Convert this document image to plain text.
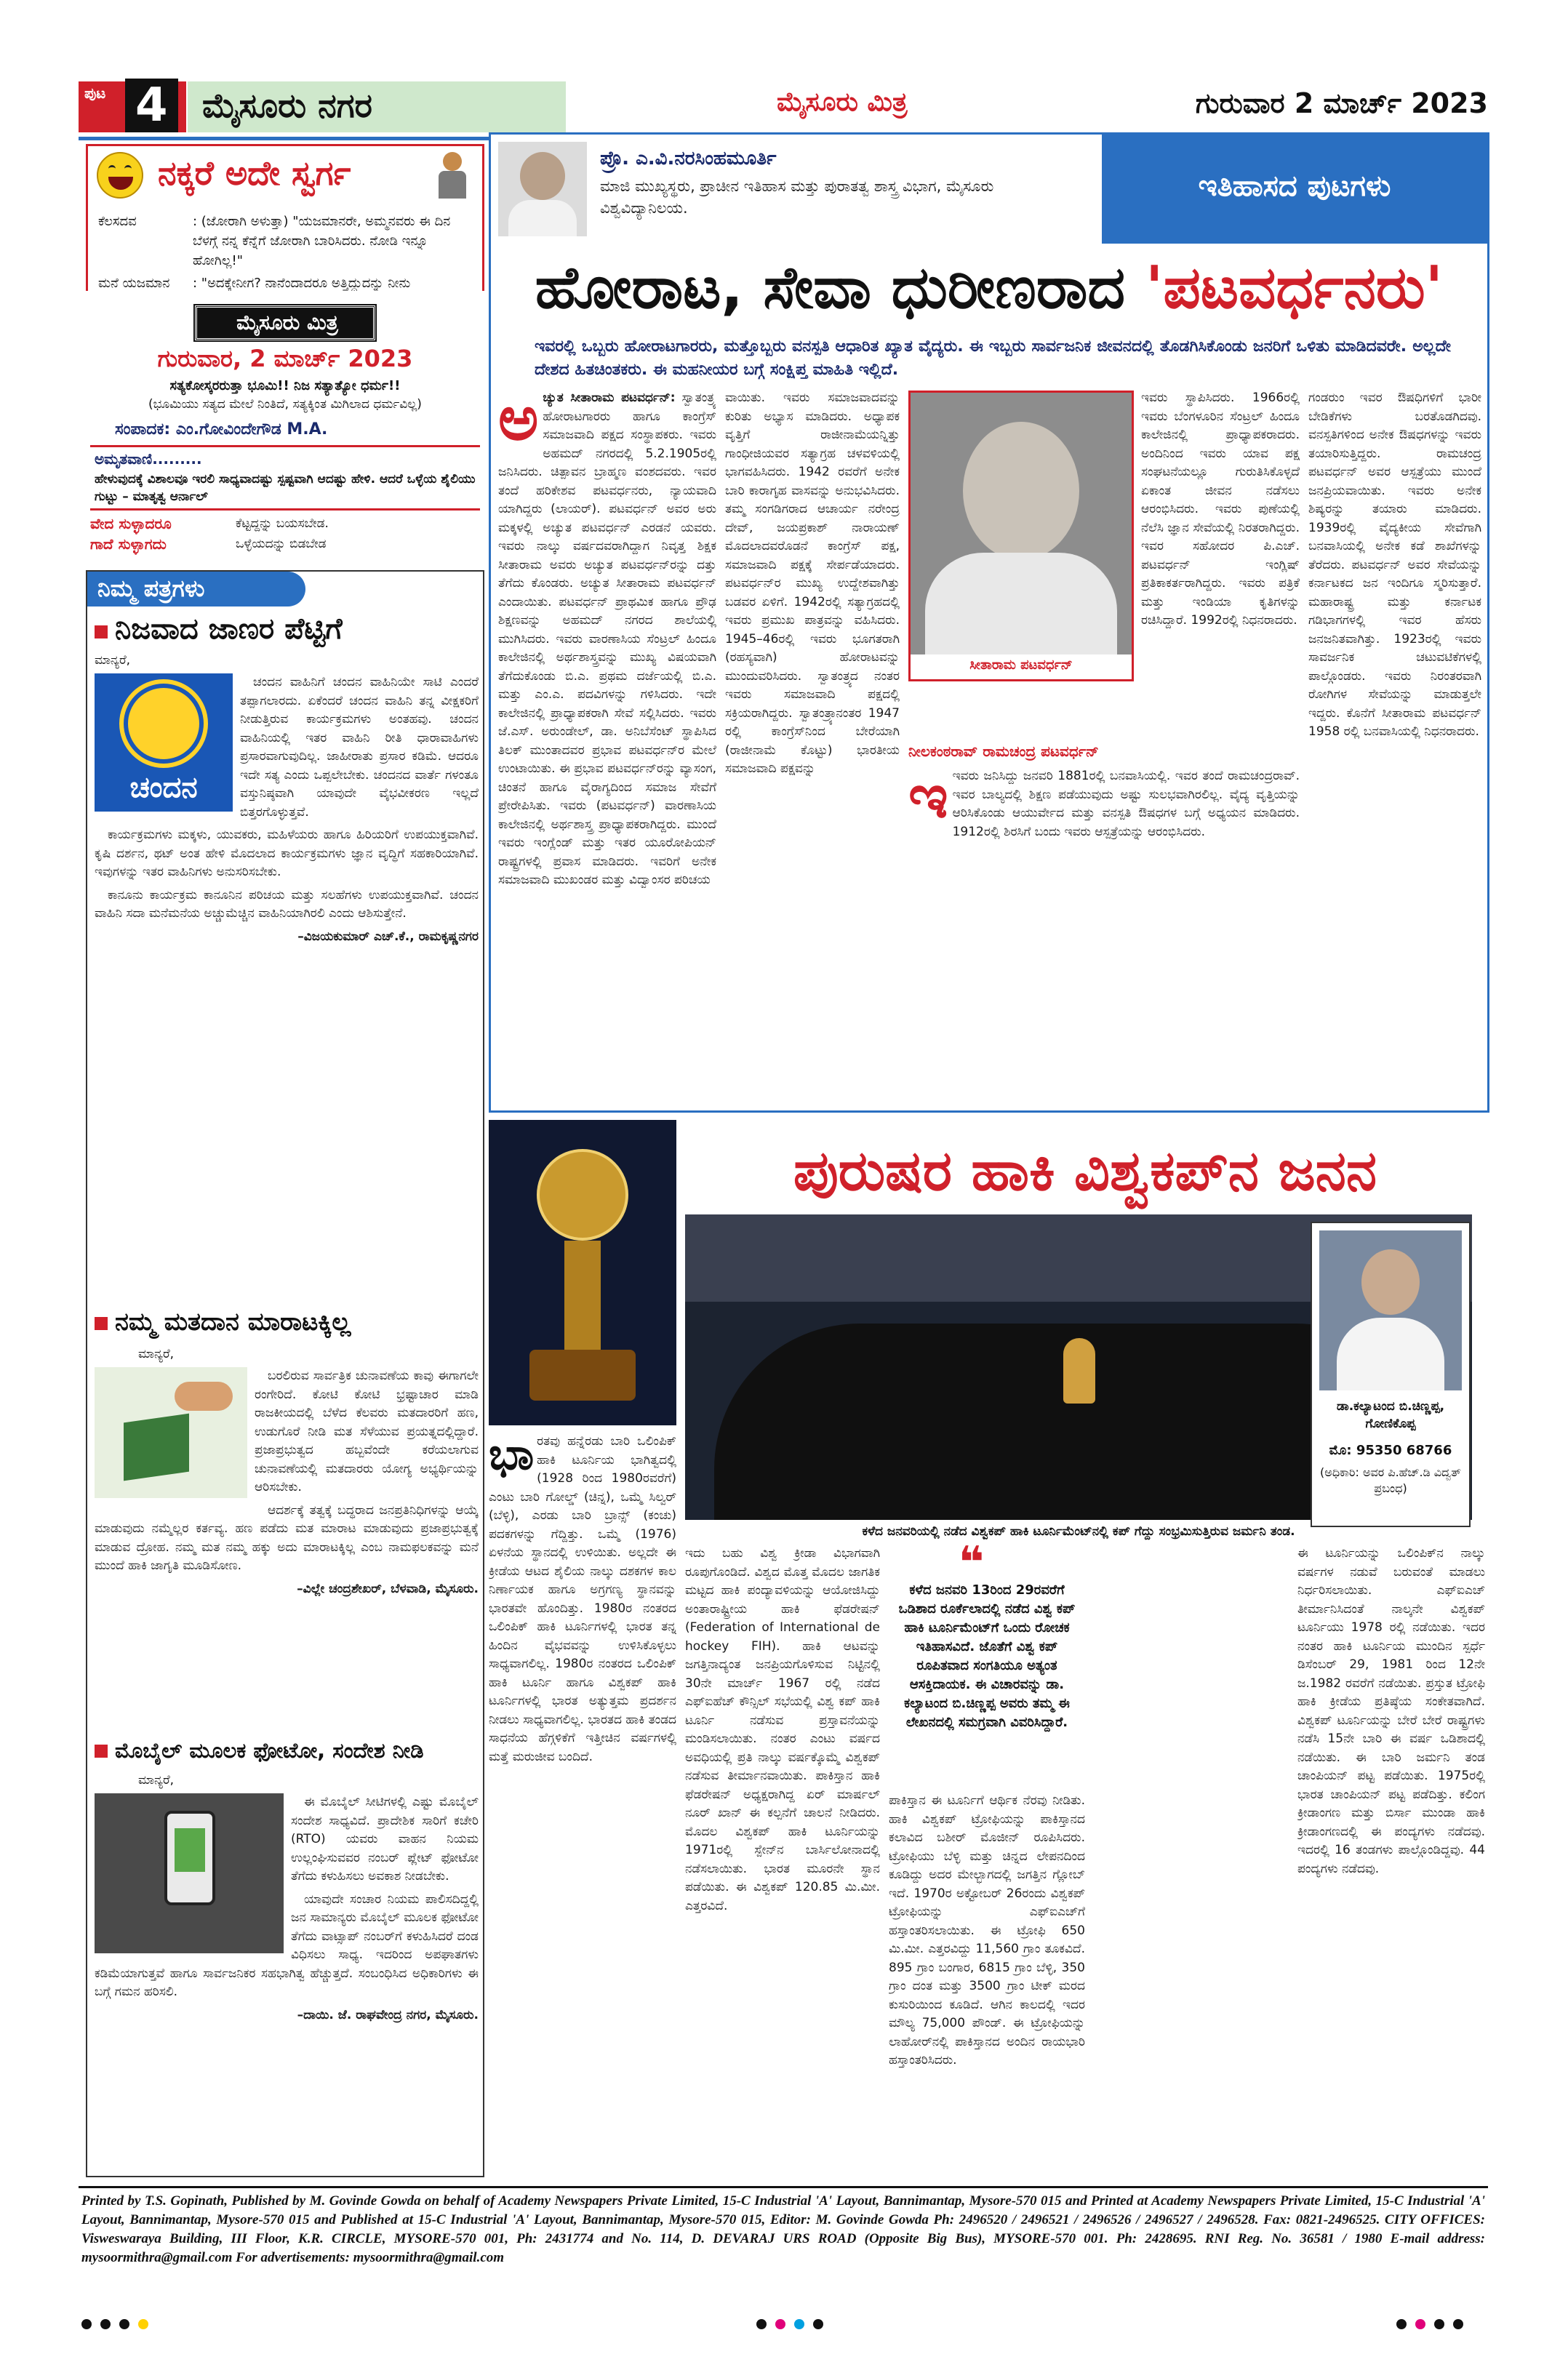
ಪುಟ 4	ಮೈಸೂರು ನಗರ	ಮೈಸೂರು ಮಿತ್ರ	ಗುರುವಾರ 2 ಮಾರ್ಚ್ 2023
ನಕ್ಕರೆ ಅದೇ ಸ್ವರ್ಗ
ಕೆಲಸದವ	: (ಜೋರಾಗಿ ಅಳುತ್ತಾ) "ಯಜಮಾನರೇ, ಅಮ್ಮನವರು ಈ ದಿನ ಬೆಳಗ್ಗೆ ನನ್ನ ಕೆನ್ನೆಗೆ ಜೋರಾಗಿ ಬಾರಿಸಿದರು. ನೋಡಿ ಇನ್ನೂ ಹೋಗಿಲ್ಲ!"
ಮನೆ ಯಜಮಾನ	: "ಅದಕ್ಕೇನೀಗ? ನಾನೆಂದಾದರೂ ಅತ್ತಿದ್ದುದನ್ನು ನೀನು
ಮೈಸೂರು ಮಿತ್ರ
ಗುರುವಾರ, 2 ಮಾರ್ಚ್ 2023
ಸತ್ಯಕೋಸ್ಕರರುತ್ತಾ ಭೂಮಿ!! ನಿಜ ಸತ್ಯಾತ್ಯೋ ಧರ್ಮ!!
(ಭೂಮಿಯು ಸತ್ಯದ ಮೇಲೆ ನಿಂತಿದೆ, ಸತ್ಯಕ್ಕಿಂತ ಮಿಗಿಲಾದ ಧರ್ಮವಿಲ್ಲ)
ಸಂಪಾದಕ: ಎಂ.ಗೋವಿಂದೇಗೌಡ M.A.
ಅಮೃತವಾಣಿ.........
ಹೇಳುವುದಕ್ಕೆ ವಿಶಾಲವೂ ಇರಲಿ ಸಾಧ್ಯವಾದಷ್ಟು ಸ್ಪಷ್ಟವಾಗಿ ಆದಷ್ಟು ಹೇಳಿ. ಆದರೆ ಒಳ್ಳೆಯ ಶೈಲಿಯು ಗುಟ್ಟು – ಮಾತೃತ್ವ ಆರ್ನಾಲ್
ವೇದ ಸುಳ್ಳಾದರೂ	ಕೆಟ್ಟದ್ದನ್ನು ಬಯಸಬೇಡ.
ಗಾದೆ ಸುಳ್ಳಾಗದು	ಒಳ್ಳೆಯದನ್ನು ಬಿಡಬೇಡ
ನಿಮ್ಮ ಪತ್ರಗಳು
ನಿಜವಾದ ಜಾಣರ ಪೆಟ್ಟಿಗೆ
ಮಾನ್ಯರೆ,
ಚಂದನ

ಚಂದನ ವಾಹಿನಿಗೆ ಚಂದನ ವಾಹಿನಿಯೇ ಸಾಟಿ ಎಂದರೆ ತಪ್ಪಾಗಲಾರದು. ಏಕೆಂದರೆ ಚಂದನ ವಾಹಿನಿ ತನ್ನ ವೀಕ್ಷಕರಿಗೆ ನೀಡುತ್ತಿರುವ ಕಾರ್ಯಕ್ರಮಗಳು ಅಂತಹವು. ಚಂದನ ವಾಹಿನಿಯಲ್ಲಿ ಇತರ ವಾಹಿನಿ ರೀತಿ ಧಾರಾವಾಹಿಗಳು ಪ್ರಸಾರವಾಗುವುದಿಲ್ಲ. ಜಾಹೀರಾತು ಪ್ರಸಾರ ಕಡಿಮೆ. ಆದರೂ ಇದೇ ಸತ್ಯ ಎಂದು ಒಪ್ಪಲೇಬೇಕು. ಚಂದನದ ವಾರ್ತೆ ಗಳಂತೂ ವಸ್ತುನಿಷ್ಠವಾಗಿ ಯಾವುದೇ ವೈಭವೀಕರಣ ಇಲ್ಲದೆ ಬಿತ್ತರಗೊಳ್ಳುತ್ತವೆ.

ಕಾರ್ಯಕ್ರಮಗಳು ಮಕ್ಕಳು, ಯುವಕರು, ಮಹಿಳೆಯರು ಹಾಗೂ ಹಿರಿಯರಿಗೆ ಉಪಯುಕ್ತವಾಗಿವೆ. ಕೃಷಿ ದರ್ಶನ, ಥಟ್ ಅಂತ ಹೇಳಿ ಮೊದಲಾದ ಕಾರ್ಯಕ್ರಮಗಳು ಜ್ಞಾನ ವೃದ್ಧಿಗೆ ಸಹಕಾರಿಯಾಗಿವೆ. ಇವುಗಳನ್ನು ಇತರ ವಾಹಿನಿಗಳು ಅನುಸರಿಸಬೇಕು.

ಕಾನೂನು ಕಾರ್ಯಕ್ರಮ ಕಾನೂನಿನ ಪರಿಚಯ ಮತ್ತು ಸಲಹೆಗಳು ಉಪಯುಕ್ತವಾಗಿವೆ. ಚಂದನ ವಾಹಿನಿ ಸದಾ ಮನೆಮನೆಯ ಅಚ್ಚುಮೆಚ್ಚಿನ ವಾಹಿನಿಯಾಗಿರಲಿ ಎಂದು ಆಶಿಸುತ್ತೇನೆ.

–ವಿಜಯಕುಮಾರ್ ಎಚ್.ಕೆ., ರಾಮಕೃಷ್ಣನಗರ
ನಮ್ಮ ಮತದಾನ ಮಾರಾಟಕ್ಕಿಲ್ಲ
ಮಾನ್ಯರೆ,

ಬರಲಿರುವ ಸಾರ್ವತ್ರಿಕ ಚುನಾವಣೆಯ ಕಾವು ಈಗಾಗಲೇ ರಂಗೇರಿದೆ. ಕೋಟಿ ಕೋಟಿ ಭ್ರಷ್ಟಾಚಾರ ಮಾಡಿ ರಾಜಕೀಯದಲ್ಲಿ ಬೆಳೆದ ಕೆಲವರು ಮತದಾರರಿಗೆ ಹಣ, ಉಡುಗೊರೆ ನೀಡಿ ಮತ ಸೆಳೆಯುವ ಪ್ರಯತ್ನದಲ್ಲಿದ್ದಾರೆ. ಪ್ರಜಾಪ್ರಭುತ್ವದ ಹಬ್ಬವೆಂದೇ ಕರೆಯಲಾಗುವ ಚುನಾವಣೆಯಲ್ಲಿ ಮತದಾರರು ಯೋಗ್ಯ ಅಭ್ಯರ್ಥಿಯನ್ನು ಆರಿಸಬೇಕು.

ಆದರ್ಶಕ್ಕೆ ತತ್ವಕ್ಕೆ ಬದ್ಧರಾದ ಜನಪ್ರತಿನಿಧಿಗಳನ್ನು ಆಯ್ಕೆ ಮಾಡುವುದು ನಮ್ಮೆಲ್ಲರ ಕರ್ತವ್ಯ. ಹಣ ಪಡೆದು ಮತ ಮಾರಾಟ ಮಾಡುವುದು ಪ್ರಜಾಪ್ರಭುತ್ವಕ್ಕೆ ಮಾಡುವ ದ್ರೋಹ. ನಮ್ಮ ಮತ ನಮ್ಮ ಹಕ್ಕು ಅದು ಮಾರಾಟಕ್ಕಿಲ್ಲ ಎಂಬ ನಾಮಫಲಕವನ್ನು ಮನೆ ಮುಂದೆ ಹಾಕಿ ಜಾಗೃತಿ ಮೂಡಿಸೋಣ.

–ವಿಲ್ಲೇ ಚಂದ್ರಶೇಖರ್, ಬೆಳವಾಡಿ, ಮೈಸೂರು.
ಮೊಬೈಲ್ ಮೂಲಕ ಫೋಟೋ, ಸಂದೇಶ ನೀಡಿ
ಮಾನ್ಯರೆ,

ಈ ಮೊಬೈಲ್ ಸೀಟಿಗಳಲ್ಲಿ ಎಷ್ಟು ಮೊಬೈಲ್ ಸಂದೇಶ ಸಾಧ್ಯವಿದೆ. ಪ್ರಾದೇಶಿಕ ಸಾರಿಗೆ ಕಚೇರಿ (RTO) ಯವರು ವಾಹನ ನಿಯಮ ಉಲ್ಲಂಘಿಸುವವರ ನಂಬರ್ ಪ್ಲೇಟ್ ಫೋಟೋ ತೆಗೆದು ಕಳುಹಿಸಲು ಅವಕಾಶ ನೀಡಬೇಕು.

ಯಾವುದೇ ಸಂಚಾರ ನಿಯಮ ಪಾಲಿಸದಿದ್ದಲ್ಲಿ ಜನ ಸಾಮಾನ್ಯರು ಮೊಬೈಲ್ ಮೂಲಕ ಫೋಟೋ ತೆಗೆದು ವಾಟ್ಸಾಪ್ ನಂಬರ್‌ಗೆ ಕಳುಹಿಸಿದರೆ ದಂಡ ವಿಧಿಸಲು ಸಾಧ್ಯ. ಇದರಿಂದ ಅಪಘಾತಗಳು ಕಡಿಮೆಯಾಗುತ್ತವೆ ಹಾಗೂ ಸಾರ್ವಜನಿಕರ ಸಹಭಾಗಿತ್ವ ಹೆಚ್ಚುತ್ತದೆ. ಸಂಬಂಧಿಸಿದ ಅಧಿಕಾರಿಗಳು ಈ ಬಗ್ಗೆ ಗಮನ ಹರಿಸಲಿ.

–ದಾಯಿ. ಜೆ. ರಾಘವೇಂದ್ರ ನಗರ, ಮೈಸೂರು.
ಪ್ರೊ. ಎ.ವಿ.ನರಸಿಂಹಮೂರ್ತಿ
ಮಾಜಿ ಮುಖ್ಯಸ್ಥರು, ಪ್ರಾಚೀನ ಇತಿಹಾಸ ಮತ್ತು ಪುರಾತತ್ವ ಶಾಸ್ತ್ರ ವಿಭಾಗ, ಮೈಸೂರು ವಿಶ್ವವಿದ್ಯಾನಿಲಯ.
ಇತಿಹಾಸದ ಪುಟಗಳು
ಹೋರಾಟ, ಸೇವಾ ಧುರೀಣರಾದ 'ಪಟವರ್ಧನರು'
ಇವರಲ್ಲಿ ಒಬ್ಬರು ಹೋರಾಟಗಾರರು, ಮತ್ತೊಬ್ಬರು ವನಸ್ಪತಿ ಆಧಾರಿತ ಖ್ಯಾತ ವೈದ್ಯರು. ಈ ಇಬ್ಬರು ಸಾರ್ವಜನಿಕ ಜೀವನದಲ್ಲಿ ತೊಡಗಿಸಿಕೊಂಡು ಜನರಿಗೆ ಒಳಿತು ಮಾಡಿದವರೇ. ಅಲ್ಲದೇ ದೇಶದ ಹಿತಚಿಂತಕರು. ಈ ಮಹನೀಯರ ಬಗ್ಗೆ ಸಂಕ್ಷಿಪ್ತ ಮಾಹಿತಿ ಇಲ್ಲಿದೆ.
ಅ ಚ್ಯುತ ಸೀತಾರಾಮ ಪಟವರ್ಧನ್: ಸ್ವಾತಂತ್ರ್ಯ ಹೋರಾಟಗಾರರು ಹಾಗೂ ಕಾಂಗ್ರೆಸ್ ಸಮಾಜವಾದಿ ಪಕ್ಷದ ಸಂಸ್ಥಾಪಕರು. ಇವರು ಅಹಮದ್ ನಗರದಲ್ಲಿ 5.2.1905ರಲ್ಲಿ ಜನಿಸಿದರು. ಚಿತ್ಪಾವನ ಬ್ರಾಹ್ಮಣ ವಂಶದವರು. ಇವರ ತಂದೆ ಹರಿಕೇಶವ ಪಟವರ್ಧನರು, ನ್ಯಾಯವಾದಿ ಯಾಗಿದ್ದರು (ಲಾಯರ್). ಪಟವರ್ಧನ್ ಅವರ ಅರು ಮಕ್ಕಳಲ್ಲಿ ಅಚ್ಯುತ ಪಟವರ್ಧನ್ ಎರಡನೆ ಯವರು. ಇವರು ನಾಲ್ಕು ವರ್ಷದವರಾಗಿದ್ದಾಗ ನಿವೃತ್ತ ಶಿಕ್ಷಕ ಸೀತಾರಾಮ ಅವರು ಅಚ್ಯುತ ಪಟವರ್ಧನ್‌ರನ್ನು ದತ್ತು ತೆಗೆದು ಕೊಂಡರು. ಅಚ್ಯುತ ಸೀತಾರಾಮ ಪಟವರ್ಧನ್ ಎಂದಾಯಿತು. ಪಟವರ್ಧನ್ ಪ್ರಾಥಮಿಕ ಹಾಗೂ ಪ್ರೌಢ ಶಿಕ್ಷಣವನ್ನು ಅಹಮದ್ ನಗರದ ಶಾಲೆಯಲ್ಲಿ ಮುಗಿಸಿದರು. ಇವರು ವಾರಣಾಸಿಯ ಸೆಂಟ್ರಲ್ ಹಿಂದೂ ಕಾಲೇಜಿನಲ್ಲಿ ಅರ್ಥಶಾಸ್ತ್ರವನ್ನು ಮುಖ್ಯ ವಿಷಯವಾಗಿ ತೆಗೆದುಕೊಂಡು ಬಿ.ಎ. ಪ್ರಥಮ ದರ್ಜೆಯಲ್ಲಿ ಬಿ.ಎ. ಮತ್ತು ಎಂ.ಎ. ಪದವಿಗಳನ್ನು ಗಳಿಸಿದರು. ಇದೇ ಕಾಲೇಜಿನಲ್ಲಿ ಪ್ರಾಧ್ಯಾಪಕರಾಗಿ ಸೇವೆ ಸಲ್ಲಿಸಿದರು. ಇವರು ಜೆ.ಎಸ್. ಅರುಂಡೇಲ್, ಡಾ. ಅನಿಬೆಸೆಂಟ್ ಸ್ಥಾಪಿಸಿದ ತಿಲಕ್ ಮುಂತಾದವರ ಪ್ರಭಾವ ಪಟವರ್ಧನ್‌ರ ಮೇಲೆ ಉಂಟಾಯಿತು. ಈ ಪ್ರಭಾವ ಪಟವರ್ಧನ್‌ರನ್ನು ವ್ಯಾಸಂಗ, ಚಿಂತನೆ ಹಾಗೂ ವೈರಾಗ್ಯದಿಂದ ಸಮಾಜ ಸೇವೆಗೆ ಪ್ರೇರೇಪಿಸಿತು. ಇವರು (ಪಟವರ್ಧನ್) ವಾರಣಾಸಿಯ ಕಾಲೇಜಿನಲ್ಲಿ ಅರ್ಥಶಾಸ್ತ್ರ ಪ್ರಾಧ್ಯಾಪಕರಾಗಿದ್ದರು. ಮುಂದೆ ಇವರು ಇಂಗ್ಲೆಂಡ್ ಮತ್ತು ಇತರ ಯೂರೋಪಿಯನ್ ರಾಷ್ಟ್ರಗಳಲ್ಲಿ ಪ್ರವಾಸ ಮಾಡಿದರು. ಇವರಿಗೆ ಅನೇಕ ಸಮಾಜವಾದಿ ಮುಖಂಡರ ಮತ್ತು ವಿದ್ವಾಂಸರ ಪರಿಚಯ
ವಾಯಿತು. ಇವರು ಸಮಾಜವಾದವನ್ನು ಕುರಿತು ಅಭ್ಯಾಸ ಮಾಡಿದರು. ಅಧ್ಯಾಪಕ ವೃತ್ತಿಗೆ ರಾಜೀನಾಮೆಯನ್ನಿತ್ತು ಗಾಂಧೀಜಿಯವರ ಸತ್ಯಾಗ್ರಹ ಚಳವಳಿಯಲ್ಲಿ ಭಾಗವಹಿಸಿದರು. 1942 ರವರೆಗೆ ಅನೇಕ ಬಾರಿ ಕಾರಾಗೃಹ ವಾಸವನ್ನು ಅನುಭವಿಸಿದರು. ತಮ್ಮ ಸಂಗಡಿಗರಾದ ಆಚಾರ್ಯ ನರೇಂದ್ರ ದೇವ್, ಜಯಪ್ರಕಾಶ್ ನಾರಾಯಣ್ ಮೊದಲಾದವರೊಡನೆ ಕಾಂಗ್ರೆಸ್ ಪಕ್ಷ, ಸಮಾಜವಾದಿ ಪಕ್ಷಕ್ಕೆ ಸೇರ್ಪಡೆಯಾದರು. ಪಟವರ್ಧನ್‌ರ ಮುಖ್ಯ ಉದ್ದೇಶವಾಗಿತ್ತು ಬಡವರ ಏಳಿಗೆ. 1942ರಲ್ಲಿ ಸತ್ಯಾಗ್ರಹದಲ್ಲಿ ಇವರು ಪ್ರಮುಖ ಪಾತ್ರವನ್ನು ವಹಿಸಿದರು. 1945–46ರಲ್ಲಿ ಇವರು ಭೂಗತರಾಗಿ (ರಹಸ್ಯವಾಗಿ) ಹೋರಾಟವನ್ನು ಮುಂದುವರಿಸಿದರು. ಸ್ವಾತಂತ್ರ್ಯದ ನಂತರ ಇವರು ಸಮಾಜವಾದಿ ಪಕ್ಷದಲ್ಲಿ ಸಕ್ರಿಯರಾಗಿದ್ದರು. ಸ್ವಾತಂತ್ರ್ಯಾನಂತರ 1947 ರಲ್ಲಿ ಕಾಂಗ್ರೆಸ್‌ನಿಂದ ಬೇರೆಯಾಗಿ (ರಾಜೀನಾಮೆ ಕೊಟ್ಟು) ಭಾರತೀಯ ಸಮಾಜವಾದಿ ಪಕ್ಷವನ್ನು
ಸೀತಾರಾಮ ಪಟವರ್ಧನ್
ಇವರು ಸ್ಥಾಪಿಸಿದರು. 1966ರಲ್ಲಿ ಇವರು ಬೆಂಗಳೂರಿನ ಸೆಂಟ್ರಲ್ ಹಿಂದೂ ಕಾಲೇಜಿನಲ್ಲಿ ಪ್ರಾಧ್ಯಾಪಕರಾದರು. ಅಂದಿನಿಂದ ಇವರು ಯಾವ ಪಕ್ಷ ಸಂಘಟನೆಯಲ್ಲೂ ಗುರುತಿಸಿಕೊಳ್ಳದೆ ಏಕಾಂತ ಜೀವನ ನಡೆಸಲು ಆರಂಭಿಸಿದರು. ಇವರು ಪುಣೆಯಲ್ಲಿ ನೆಲೆಸಿ ಜ್ಞಾನ ಸೇವೆಯಲ್ಲಿ ನಿರತರಾಗಿದ್ದರು. ಇವರ ಸಹೋದರ ಪಿ.ಎಚ್. ಪಟವರ್ಧನ್ ಇಂಗ್ಲಿಷ್ ಪ್ರತಿಕಾಕರ್ತರಾಗಿದ್ದರು. ಇವರು ಪತ್ರಿಕೆ ಮತ್ತು ಇಂಡಿಯಾ ಕೃತಿಗಳನ್ನು ರಚಿಸಿದ್ದಾರೆ. 1992ರಲ್ಲಿ ನಿಧನರಾದರು.
ನೀಲಕಂಠರಾವ್ ರಾಮಚಂದ್ರ ಪಟವರ್ಧನ್
ಇ ಇವರು ಜನಿಸಿದ್ದು ಜನವರಿ 1881ರಲ್ಲಿ ಬನವಾಸಿಯಲ್ಲಿ. ಇವರ ತಂದೆ ರಾಮಚಂದ್ರರಾವ್. ಇವರ ಬಾಲ್ಯದಲ್ಲಿ ಶಿಕ್ಷಣ ಪಡೆಯುವುದು ಅಷ್ಟು ಸುಲಭವಾಗಿರಲಿಲ್ಲ. ವೈದ್ಯ ವೃತ್ತಿಯನ್ನು ಆರಿಸಿಕೊಂಡು ಆಯುರ್ವೇದ ಮತ್ತು ವನಸ್ಪತಿ ಔಷಧಗಳ ಬಗ್ಗೆ ಅಧ್ಯಯನ ಮಾಡಿದರು. 1912ರಲ್ಲಿ ಶಿರಸಿಗೆ ಬಂದು ಇವರು ಆಸ್ಪತ್ರೆಯನ್ನು ಆರಂಭಿಸಿದರು.
ಗಂಡರುಂ ಇವರ ಔಷಧಿಗಳಿಗೆ ಭಾರೀ ಬೇಡಿಕೆಗಳು ಬರತೊಡಗಿದವು. ವನಸ್ಪತಿಗಳಿಂದ ಅನೇಕ ಔಷಧಗಳನ್ನು ಇವರು ತಯಾರಿಸುತ್ತಿದ್ದರು. ರಾಮಚಂದ್ರ ಪಟವರ್ಧನ್ ಅವರ ಆಸ್ಪತ್ರೆಯು ಮುಂದೆ ಜನಪ್ರಿಯವಾಯಿತು. ಇವರು ಅನೇಕ ಶಿಷ್ಯರನ್ನು ತಯಾರು ಮಾಡಿದರು. 1939ರಲ್ಲಿ ವೈದ್ಯಕೀಯ ಸೇವೆಗಾಗಿ ಬನವಾಸಿಯಲ್ಲಿ ಅನೇಕ ಕಡೆ ಶಾಖೆಗಳನ್ನು ತೆರೆದರು. ಪಟವರ್ಧನ್ ಅವರ ಸೇವೆಯನ್ನು ಕರ್ನಾಟಕದ ಜನ ಇಂದಿಗೂ ಸ್ಮರಿಸುತ್ತಾರೆ. ಮಹಾರಾಷ್ಟ್ರ ಮತ್ತು ಕರ್ನಾಟಕ ಗಡಿಭಾಗಗಳಲ್ಲಿ ಇವರ ಹೆಸರು ಜನಜನಿತವಾಗಿತ್ತು. 1923ರಲ್ಲಿ ಇವರು ಸಾವರ್ಜನಿಕ ಚಟುವಟಿಕೆಗಳಲ್ಲಿ ಪಾಲ್ಗೊಂಡರು. ಇವರು ನಿರಂತರವಾಗಿ ರೋಗಿಗಳ ಸೇವೆಯನ್ನು ಮಾಡುತ್ತಲೇ ಇದ್ದರು. ಕೊನೆಗೆ ಸೀತಾರಾಮ ಪಟವರ್ಧನ್ 1958 ರಲ್ಲಿ ಬನವಾಸಿಯಲ್ಲಿ ನಿಧನರಾದರು.
ಪುರುಷರ ಹಾಕಿ ವಿಶ್ವಕಪ್‌ನ ಜನನ
ಕಳೆದ ಜನವರಿಯಲ್ಲಿ ನಡೆದ ವಿಶ್ವಕಪ್ ಹಾಕಿ ಟೂರ್ನಿಮೆಂಟ್‌ನಲ್ಲಿ ಕಪ್ ಗೆದ್ದು ಸಂಭ್ರಮಿಸುತ್ತಿರುವ ಜರ್ಮನಿ ತಂಡ.
ಡಾ.ಕಲ್ಯಾಟಂದ ಬಿ.ಚಿಣ್ಣಪ್ಪ, ಗೋಣಿಕೊಪ್ಪ
ಮೊ: 95350 68766
(ಅಧಿಕಾರಿ: ಅವರ ಪಿ.ಹೆಚ್.ಡಿ ವಿದ್ವತ್ ಪ್ರಬಂಧ)
ಭಾ ರತವು ಹನ್ನೆರಡು ಬಾರಿ ಒಲಿಂಪಿಕ್ ಹಾಕಿ ಟೂರ್ನಿಯ ಭಾಗಿತ್ವದಲ್ಲಿ (1928 ರಿಂದ 1980ರವರೆಗೆ) ಎಂಟು ಬಾರಿ ಗೋಲ್ಡ್ (ಚಿನ್ನ), ಒಮ್ಮೆ ಸಿಲ್ವರ್ (ಬೆಳ್ಳಿ), ಎರಡು ಬಾರಿ ಬ್ರಾನ್ಸ್ (ಕಂಚು) ಪದಕಗಳನ್ನು ಗೆದ್ದಿತ್ತು. ಒಮ್ಮೆ (1976) ಏಳನೆಯ ಸ್ಥಾನದಲ್ಲಿ ಉಳಿಯಿತು. ಅಲ್ಲದೇ ಈ ಕ್ರೀಡೆಯ ಆಟದ ಶೈಲಿಯ ನಾಲ್ಕು ದಶಕಗಳ ಕಾಲ ನಿರ್ಣಾಯಕ ಹಾಗೂ ಅಗ್ರಗಣ್ಯ ಸ್ಥಾನವನ್ನು ಭಾರತವೇ ಹೊಂದಿತ್ತು. 1980ರ ನಂತರದ ಒಲಿಂಪಿಕ್ ಹಾಕಿ ಟೂರ್ನಿಗಳಲ್ಲಿ ಭಾರತ ತನ್ನ ಹಿಂದಿನ ವೈಭವವನ್ನು ಉಳಿಸಿಕೊಳ್ಳಲು ಸಾಧ್ಯವಾಗಲಿಲ್ಲ. 1980ರ ನಂತರದ ಒಲಿಂಪಿಕ್ ಹಾಕಿ ಟೂರ್ನಿ ಹಾಗೂ ವಿಶ್ವಕಪ್ ಹಾಕಿ ಟೂರ್ನಿಗಳಲ್ಲಿ ಭಾರತ ಅತ್ಯುತ್ತಮ ಪ್ರದರ್ಶನ ನೀಡಲು ಸಾಧ್ಯವಾಗಲಿಲ್ಲ. ಭಾರತದ ಹಾಕಿ ತಂಡದ ಸಾಧನೆಯ ಹೆಗ್ಗಳಿಕೆಗೆ ಇತ್ತೀಚಿನ ವರ್ಷಗಳಲ್ಲಿ ಮತ್ತೆ ಮರುಜೀವ ಬಂದಿದೆ.
ಇದು ಬಹು ವಿಶ್ವ ಕ್ರೀಡಾ ವಿಭಾಗವಾಗಿ ರೂಪುಗೊಂಡಿದೆ. ವಿಶ್ವದ ಮೊತ್ತ ಮೊದಲ ಜಾಗತಿಕ ಮಟ್ಟದ ಹಾಕಿ ಪಂದ್ಯಾವಳಿಯನ್ನು ಆಯೋಜಿಸಿದ್ದು ಅಂತಾರಾಷ್ಟ್ರೀಯ ಹಾಕಿ ಫೆಡರೇಷನ್ (Federation of International de hockey FIH). ಹಾಕಿ ಆಟವನ್ನು ಜಗತ್ತಿನಾದ್ಯಂತ ಜನಪ್ರಿಯಗೊಳಿಸುವ ನಿಟ್ಟಿನಲ್ಲಿ 30ನೇ ಮಾರ್ಚ್ 1967 ರಲ್ಲಿ ನಡೆದ ಎಫ್‌ಐಹೆಚ್ ಕೌನ್ಸಿಲ್ ಸಭೆಯಲ್ಲಿ ವಿಶ್ವ ಕಪ್ ಹಾಕಿ ಟೂರ್ನಿ ನಡೆಸುವ ಪ್ರಸ್ತಾವನೆಯನ್ನು ಮಂಡಿಸಲಾಯಿತು. ನಂತರ ಎಂಟು ವರ್ಷದ ಅವಧಿಯಲ್ಲಿ ಪ್ರತಿ ನಾಲ್ಕು ವರ್ಷಕ್ಕೊಮ್ಮೆ ವಿಶ್ವಕಪ್ ನಡೆಸುವ ತೀರ್ಮಾನವಾಯಿತು. ಪಾಕಿಸ್ತಾನ ಹಾಕಿ ಫೆಡರೇಷನ್ ಅಧ್ಯಕ್ಷರಾಗಿದ್ದ ಏರ್ ಮಾರ್ಷಲ್ ನೂರ್ ಖಾನ್ ಈ ಕಲ್ಪನೆಗೆ ಚಾಲನೆ ನೀಡಿದರು. ಮೊದಲ ವಿಶ್ವಕಪ್ ಹಾಕಿ ಟೂರ್ನಿಯನ್ನು 1971ರಲ್ಲಿ ಸ್ಪೇನ್‌ನ ಬಾರ್ಸಿಲೋನಾದಲ್ಲಿ ನಡೆಸಲಾಯಿತು. ಭಾರತ ಮೂರನೇ ಸ್ಥಾನ ಪಡೆಯಿತು. ಈ ವಿಶ್ವಕಪ್ 120.85 ಮಿ.ಮೀ. ಎತ್ತರವಿದೆ.
❝
ಕಳೆದ ಜನವರಿ 13ರಿಂದ 29ರವರೆಗೆ ಒಡಿಶಾದ ರೂರ್ಕೆಲಾದಲ್ಲಿ ನಡೆದ ವಿಶ್ವ ಕಪ್ ಹಾಕಿ ಟೂರ್ನಿಮೆಂಟ್‌ಗೆ ಒಂದು ರೋಚಕ ಇತಿಹಾಸವಿದೆ. ಜೊತೆಗೆ ವಿಶ್ವ ಕಪ್ ರೂಪಿತವಾದ ಸಂಗತಿಯೂ ಅತ್ಯಂತ ಆಸಕ್ತಿದಾಯಕ. ಈ ವಿಚಾರವನ್ನು ಡಾ. ಕಲ್ಯಾಟಂದ ಬಿ.ಚಿಣ್ಣಪ್ಪ ಅವರು ತಮ್ಮ ಈ ಲೇಖನದಲ್ಲಿ ಸಮಗ್ರವಾಗಿ ವಿವರಿಸಿದ್ದಾರೆ.
ಪಾಕಿಸ್ತಾನ ಈ ಟೂರ್ನಿಗೆ ಆರ್ಥಿಕ ನೆರವು ನೀಡಿತು. ಹಾಕಿ ವಿಶ್ವಕಪ್ ಟ್ರೋಫಿಯನ್ನು ಪಾಕಿಸ್ತಾನದ ಕಲಾವಿದ ಬಶೀರ್ ಮೊಜೀನ್ ರೂಪಿಸಿದರು. ಟ್ರೋಫಿಯು ಬೆಳ್ಳಿ ಮತ್ತು ಚಿನ್ನದ ಲೇಪನದಿಂದ ಕೂಡಿದ್ದು ಅದರ ಮೇಲ್ಭಾಗದಲ್ಲಿ ಜಗತ್ತಿನ ಗ್ಲೋಬ್ ಇದೆ. 1970ರ ಅಕ್ಟೋಬರ್ 26ರಂದು ವಿಶ್ವಕಪ್ ಟ್ರೋಫಿಯನ್ನು ಎಫ್‌ಐಎಚ್‌ಗೆ ಹಸ್ತಾಂತರಿಸಲಾಯಿತು. ಈ ಟ್ರೋಫಿ 650 ಮಿ.ಮೀ. ಎತ್ತರವಿದ್ದು 11,560 ಗ್ರಾಂ ತೂಕವಿದೆ. 895 ಗ್ರಾಂ ಬಂಗಾರ, 6815 ಗ್ರಾಂ ಬೆಳ್ಳಿ, 350 ಗ್ರಾಂ ದಂತ ಮತ್ತು 3500 ಗ್ರಾಂ ಟೀಕ್ ಮರದ ಕುಸುರಿಯಿಂದ ಕೂಡಿದೆ. ಆಗಿನ ಕಾಲದಲ್ಲಿ ಇದರ ಮೌಲ್ಯ 75,000 ಪೌಂಡ್. ಈ ಟ್ರೋಫಿಯನ್ನು ಲಾಹೋರ್‌ನಲ್ಲಿ ಪಾಕಿಸ್ತಾನದ ಅಂದಿನ ರಾಯಭಾರಿ ಹಸ್ತಾಂತರಿಸಿದರು.
ಈ ಟೂರ್ನಿಯನ್ನು ಒಲಿಂಪಿಕ್‌ನ ನಾಲ್ಕು ವರ್ಷಗಳ ನಡುವೆ ಬರುವಂತೆ ಮಾಡಲು ನಿರ್ಧರಿಸಲಾಯಿತು. ಎಫ್‌ಐಎಚ್ ತೀರ್ಮಾನಿಸಿದಂತೆ ನಾಲ್ಕನೇ ವಿಶ್ವಕಪ್ ಟೂರ್ನಿಯು 1978 ರಲ್ಲಿ ನಡೆಯಿತು. ಇದರ ನಂತರ ಹಾಕಿ ಟೂರ್ನಿಯ ಮುಂದಿನ ಸ್ಪರ್ಧೆ ಡಿಸೆಂಬರ್ 29, 1981 ರಿಂದ 12ನೇ ಜ.1982 ರವರೆಗೆ ನಡೆಯಿತು. ಪ್ರಸ್ತುತ ಟ್ರೋಫಿ ಹಾಕಿ ಕ್ರೀಡೆಯ ಪ್ರತಿಷ್ಠೆಯ ಸಂಕೇತವಾಗಿದೆ. ವಿಶ್ವಕಪ್ ಟೂರ್ನಿಯನ್ನು ಬೇರೆ ಬೇರೆ ರಾಷ್ಟ್ರಗಳು ನಡೆಸಿ 15ನೇ ಬಾರಿ ಈ ವರ್ಷ ಒಡಿಶಾದಲ್ಲಿ ನಡೆಯಿತು. ಈ ಬಾರಿ ಜರ್ಮನಿ ತಂಡ ಚಾಂಪಿಯನ್ ಪಟ್ಟ ಪಡೆಯಿತು. 1975ರಲ್ಲಿ ಭಾರತ ಚಾಂಪಿಯನ್ ಪಟ್ಟ ಪಡೆದಿತ್ತು. ಕಲಿಂಗ ಕ್ರೀಡಾಂಗಣ ಮತ್ತು ಬಿರ್ಸಾ ಮುಂಡಾ ಹಾಕಿ ಕ್ರೀಡಾಂಗಣದಲ್ಲಿ ಈ ಪಂದ್ಯಗಳು ನಡೆದವು. ಇದರಲ್ಲಿ 16 ತಂಡಗಳು ಪಾಲ್ಗೊಂಡಿದ್ದವು. 44 ಪಂದ್ಯಗಳು ನಡೆದವು.
Printed by T.S. Gopinath, Published by M. Govinde Gowda on behalf of Academy Newspapers Private Limited, 15-C Industrial 'A' Layout, Bannimantap, Mysore-570 015 and Printed at Academy Newspapers Private Limited, 15-C Industrial 'A' Layout, Bannimantap, Mysore-570 015 and Published at 15-C Industrial 'A' Layout, Bannimantap, Mysore-570 015, Editor: M. Govinde Gowda Ph: 2496520 / 2496521 / 2496526 / 2496527 / 2496528. Fax: 0821-2496525. CITY OFFICES: Visweswaraya Building, III Floor, K.R. CIRCLE, MYSORE-570 001, Ph: 2431774 and No. 114, D. DEVARAJ URS ROAD (Opposite Big Bus), MYSORE-570 001. Ph: 2428695. RNI Reg. No. 36581 / 1980 E-mail address: mysoormithra@gmail.com For advertisements: mysoormithra@gmail.com
